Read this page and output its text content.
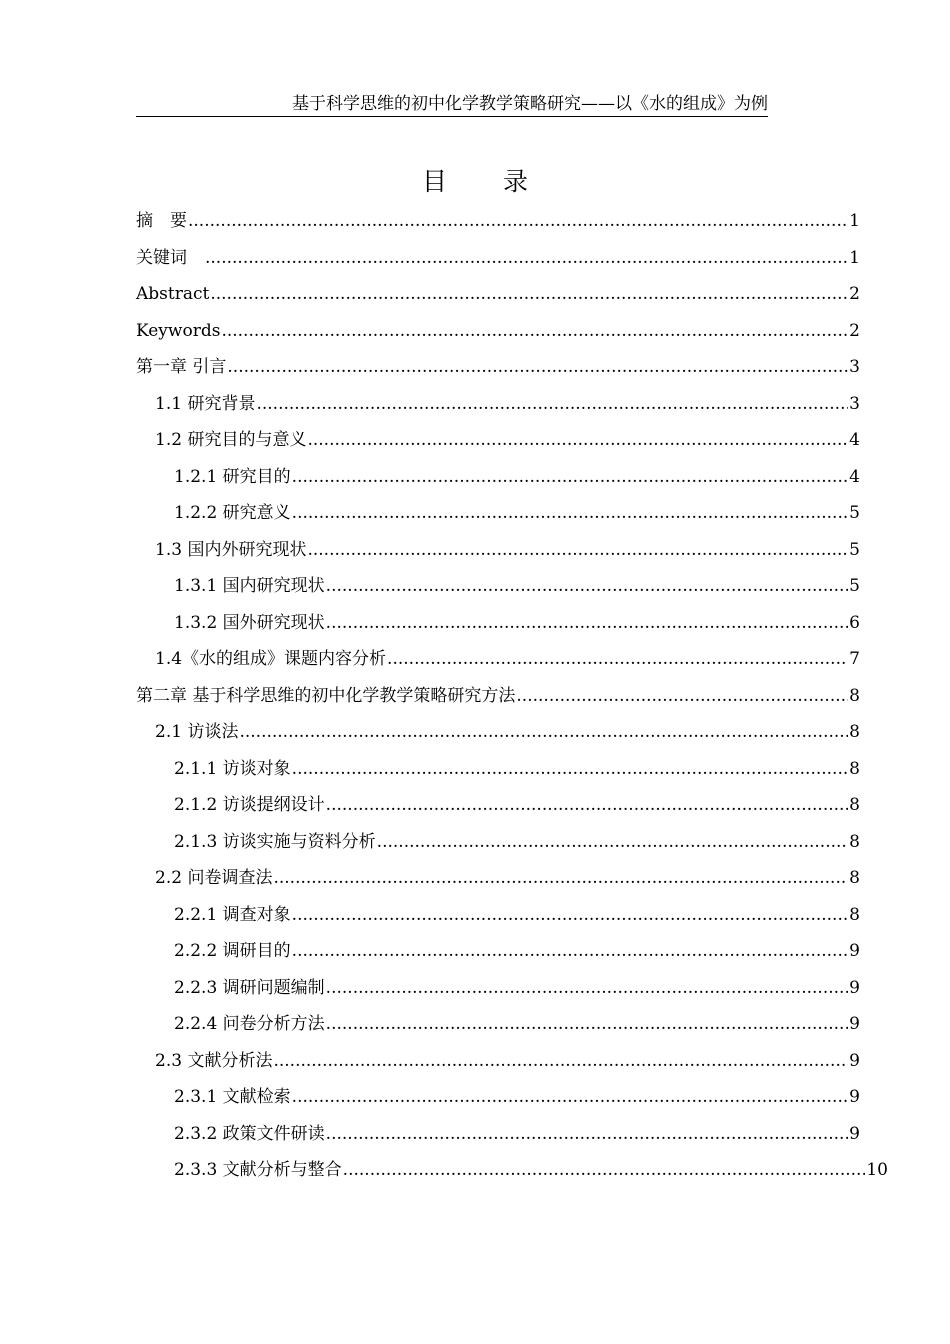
基于科学思维的初中化学教学策略研究——以《水的组成》为例
目 录
摘　要 .....	1
关键词　 .....	1
Abstract .....	2
Keywords .....	2
第一章 引言 .....	3
1.1 研究背景 .....	3
1.2 研究目的与意义 .....	4
1.2.1 研究目的 .....	4
1.2.2 研究意义 .....	5
1.3 国内外研究现状 .....	5
1.3.1 国内研究现状 .....	5
1.3.2 国外研究现状 .....	6
1.4《水的组成》课题内容分析 .....	7
第二章 基于科学思维的初中化学教学策略研究方法 .....	8
2.1 访谈法 .....	8
2.1.1 访谈对象 .....	8
2.1.2 访谈提纲设计 .....	8
2.1.3 访谈实施与资料分析 .....	8
2.2 问卷调查法 .....	8
2.2.1 调查对象 .....	8
2.2.2 调研目的 .....	9
2.2.3 调研问题编制 .....	9
2.2.4 问卷分析方法 .....	9
2.3 文献分析法 .....	9
2.3.1 文献检索 .....	9
2.3.2 政策文件研读 .....	9
2.3.3 文献分析与整合 .....	10
